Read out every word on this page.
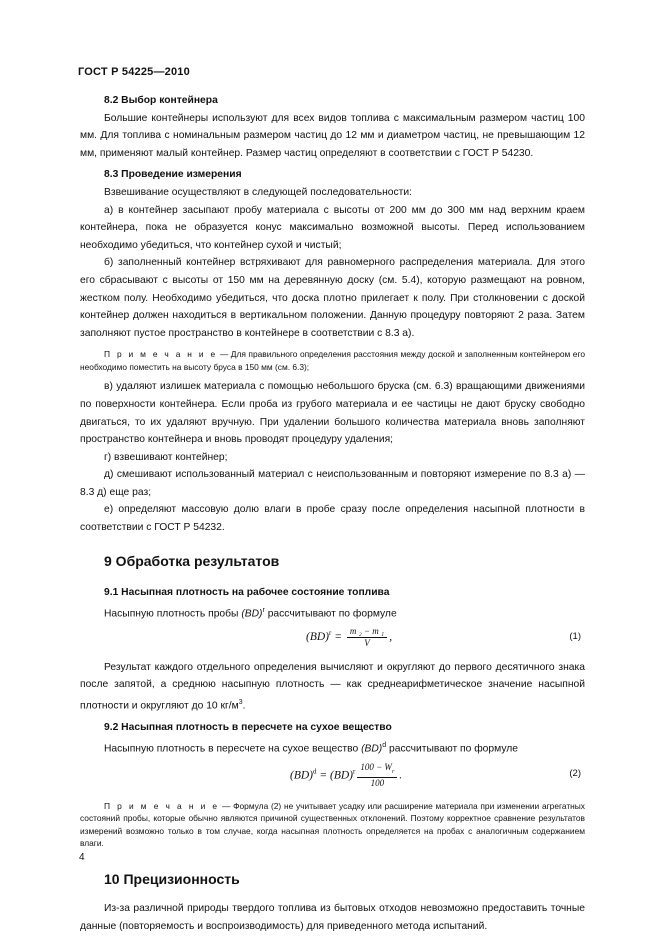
ГОСТ Р 54225—2010
8.2 Выбор контейнера

Большие контейнеры используют для всех видов топлива с максимальным размером частиц 100 мм. Для топлива с номинальным размером частиц до 12 мм и диаметром частиц, не превышающим 12 мм, применяют малый контейнер. Размер частиц определяют в соответствии с ГОСТ Р 54230.

8.3 Проведение измерения

Взвешивание осуществляют в следующей последовательности:

а) в контейнер засыпают пробу материала с высоты от 200 мм до 300 мм над верхним краем контейнера, пока не образуется конус максимально возможной высоты. Перед использованием необходимо убедиться, что контейнер сухой и чистый;

б) заполненный контейнер встряхивают для равномерного распределения материала. Для этого его сбрасывают с высоты от 150 мм на деревянную доску (см. 5.4), которую размещают на ровном, жестком полу. Необходимо убедиться, что доска плотно прилегает к полу. При столкновении с доской контейнер должен находиться в вертикальном положении. Данную процедуру повторяют 2 раза. Затем заполняют пустое пространство в контейнере в соответствии с 8.3 а).

П р и м е ч а н и е — Для правильного определения расстояния между доской и заполненным контейнером его необходимо поместить на высоту бруса в 150 мм (см. 6.3);

в) удаляют излишек материала с помощью небольшого бруска (см. 6.3) вращающими движениями по поверхности контейнера. Если проба из грубого материала и ее частицы не дают бруску свободно двигаться, то их удаляют вручную. При удалении большого количества материала вновь заполняют пространство контейнера и вновь проводят процедуру удаления;

г) взвешивают контейнер;

д) смешивают использованный материал с неиспользованным и повторяют измерение по 8.3 а) — 8.3 д) еще раз;

е) определяют массовую долю влаги в пробе сразу после определения насыпной плотности в соответствии с ГОСТ Р 54232.

9 Обработка результатов
9.1 Насыпная плотность на рабочее состояние топлива

Насыпную плотность пробы (BD)$^r$ рассчитывают по формуле

$(BD)^r = \frac{\text{m ₂ − m ₁}}{V}$ ,	(1)

Результат каждого отдельного определения вычисляют и округляют до первого десятичного знака после запятой, а среднюю насыпную плотность — как среднеарифметическое значение насыпной плотности и округляют до 10 $кг/м^3$.

9.2 Насыпная плотность в пересчете на сухое вещество

Насыпную плотность в пересчете на сухое вещество (BD)$^d$ рассчитывают по формуле

$(BD)^d = (BD)^r \frac{100 - W_r}{100}$ .	(2)
П р и м е ч а н и е — Формула (2) не учитывает усадку или расширение материала при изменении агрегатных состояний пробы, которые обычно являются причиной существенных отклонений. Поэтому корректное сравнение результатов измерений возможно только в том случае, когда насыпная плотность определяется на пробах с аналогичным содержанием влаги.
10 Прецизионность

Из-за различной природы твердого топлива из бытовых отходов невозможно предоставить точные данные (повторяемость и воспроизводимость) для приведенного метода испытаний.

4
